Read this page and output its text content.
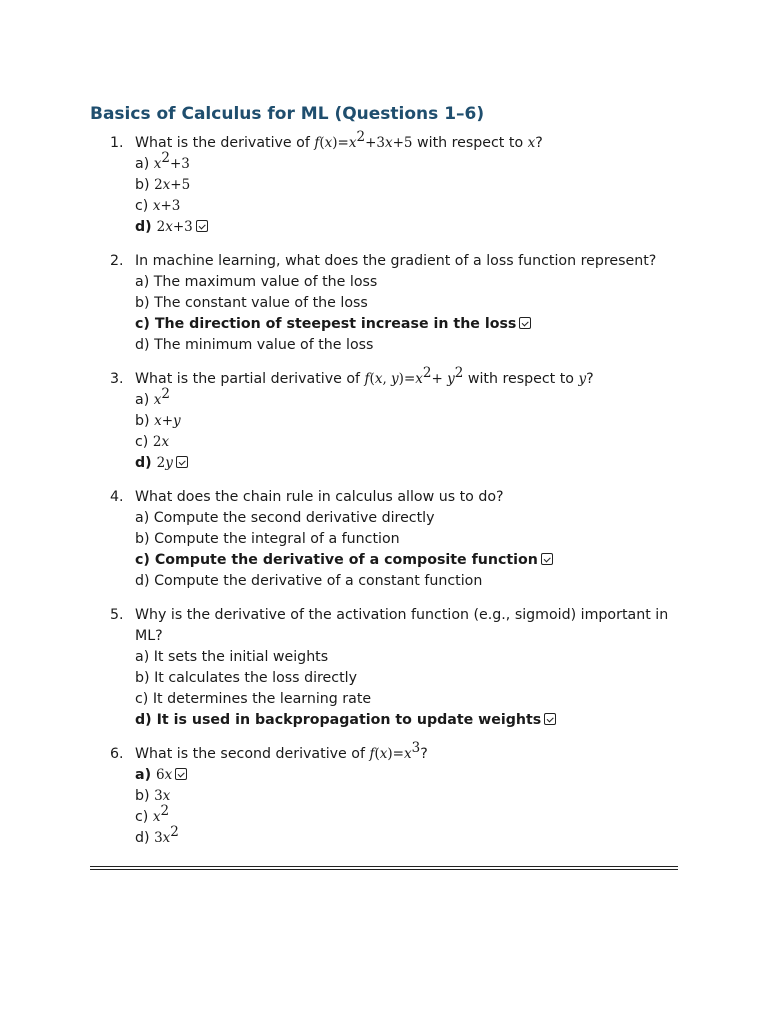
Basics of Calculus for ML (Questions 1–6)
1. What is the derivative of $f(x)=x^2+3x+5$ with respect to x?
a) $x^2+3$
b) 2x+5
c) x+3
d) 2x+3
2. In machine learning, what does the gradient of a loss function represent?
a) The maximum value of the loss
b) The constant value of the loss
c) The direction of steepest increase in the loss
d) The minimum value of the loss
3. What is the partial derivative of f(x, $y)=x^2+ y^2$ with respect to y?
a) $x^2$
b) x+y
c) 2x
d) 2y
4. What does the chain rule in calculus allow us to do?
a) Compute the second derivative directly
b) Compute the integral of a function
c) Compute the derivative of a composite function
d) Compute the derivative of a constant function
5. Why is the derivative of the activation function (e.g., sigmoid) important in ML?
a) It sets the initial weights
b) It calculates the loss directly
c) It determines the learning rate
d) It is used in backpropagation to update weights
6. What is the second derivative of $f(x)=x^3$?
a) 6x
b) 3x
c) $x^2$
d) $3x^2$
